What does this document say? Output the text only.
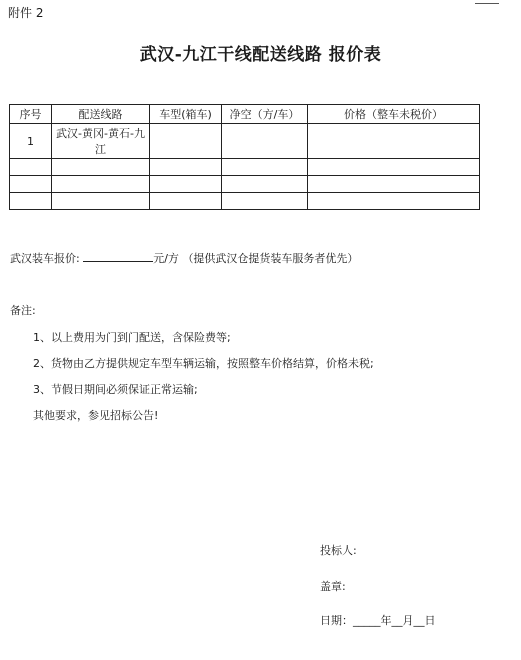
附件 2
武汉-九江干线配送线路 报价表
序号	配送线路	车型(箱车)	净空（方/车）	价格（整车未税价）
1	武汉-黄冈-黄石-九江			

武汉装车报价:	元/方 （提供武汉仓提货装车服务者优先）
备注:
1、以上费用为门到门配送，含保险费等;
2、货物由乙方提供规定车型车辆运输，按照整车价格结算，价格未税;
3、节假日期间必须保证正常运输;
其他要求，参见招标公告!
投标人:
盖章:
日期：_____年__月__日
